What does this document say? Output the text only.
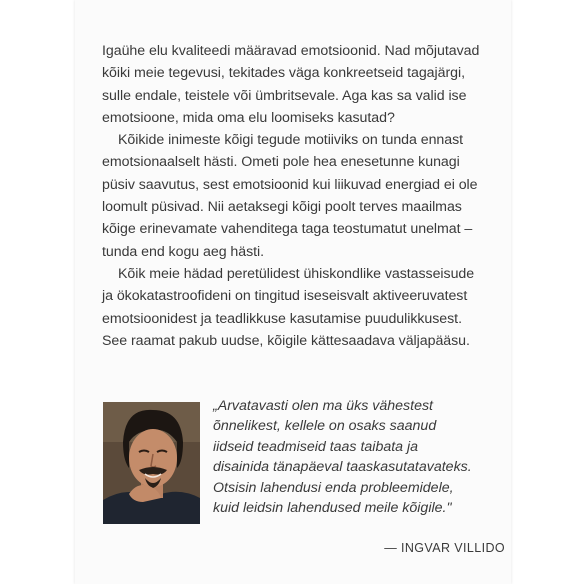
Igaühe elu kvaliteedi määravad emotsioonid. Nad mõjutavad
kõiki meie tegevusi, tekitades väga konkreetseid tagajärgi,
sulle endale, teistele või ümbritsevale. Aga kas sa valid ise
emotsioone, mida oma elu loomiseks kasutad?

Kõikide inimeste kõigi tegude motiiviks on tunda ennast
emotsionaalselt hästi. Ometi pole hea enesetunne kunagi
püsiv saavutus, sest emotsioonid kui liikuvad energiad ei ole
loomult püsivad. Nii aetaksegi kõigi poolt terves maailmas
kõige erinevamate vahenditega taga teostumatut unelmat –
tunda end kogu aeg hästi.

Kõik meie hädad peretülidest ühiskondlike vastasseisude
ja ökokatastroofideni on tingitud iseseisvalt aktiveeruvatest
emotsioonidest ja teadlikkuse kasutamise puudulikkusest.
See raamat pakub uudse, kõigile kättesaadava väljapääsu.

„Arvatavasti olen ma üks vähestest
õnnelikest, kellele on osaks saanud
iidseid teadmiseid taas taibata ja
disainida tänapäeval taaskasutatavateks.
Otsisin lahendusi enda probleemidele,
kuid leidsin lahendused meile kõigile."
— INGVAR VILLIDO
